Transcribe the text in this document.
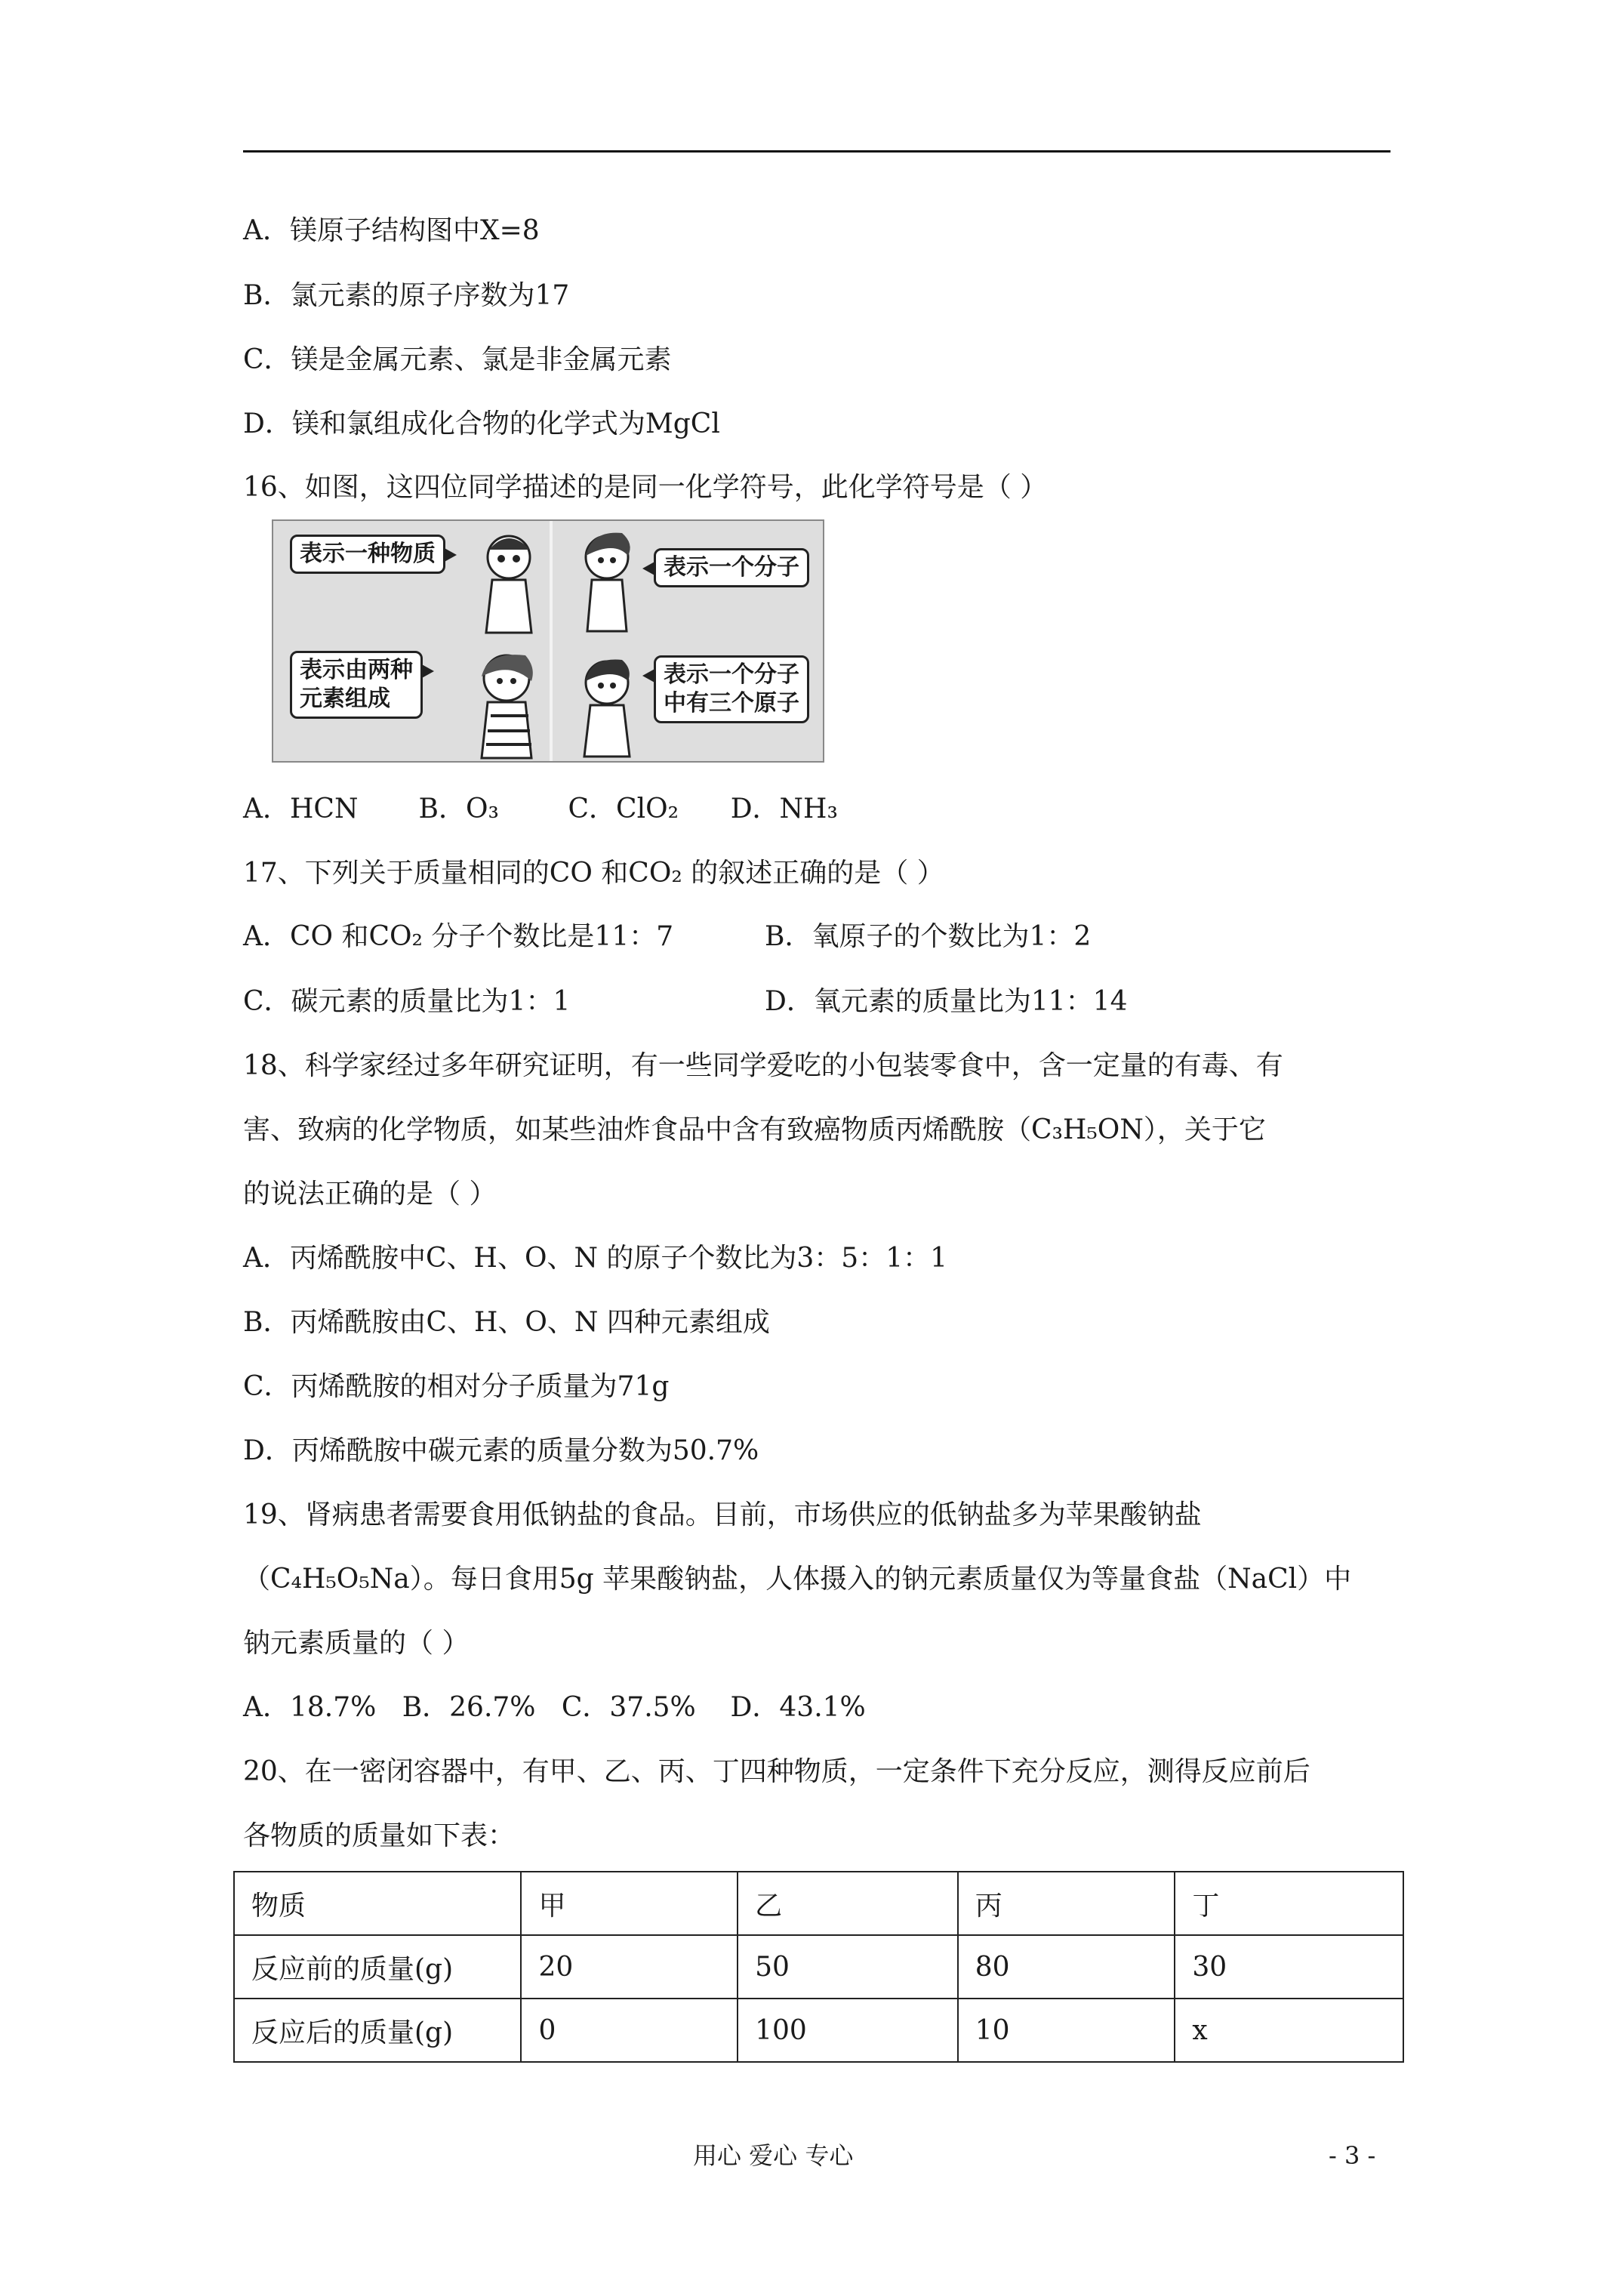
A．镁原子结构图中X=8
B．氯元素的原子序数为17
C．镁是金属元素、氯是非金属元素
D．镁和氯组成化合物的化学式为MgCl
16、如图，这四位同学描述的是同一化学符号，此化学符号是（ ）
表示一种物质
表示一个分子
表示由两种
元素组成
表示一个分子
中有三个原子
A．HCN       B．O₃        C．ClO₂      D．NH₃
17、下列关于质量相同的CO 和CO₂ 的叙述正确的是（ ）
A．CO 和CO₂ 分子个数比是11：7	B．氧原子的个数比为1：2
C．碳元素的质量比为1：1	D．氧元素的质量比为11：14
18、科学家经过多年研究证明，有一些同学爱吃的小包装零食中，含一定量的有毒、有
害、致病的化学物质，如某些油炸食品中含有致癌物质丙烯酰胺（C₃H₅ON），关于它
的说法正确的是（ ）
A．丙烯酰胺中C、H、O、N 的原子个数比为3：5：1：1
B．丙烯酰胺由C、H、O、N 四种元素组成
C．丙烯酰胺的相对分子质量为71g
D．丙烯酰胺中碳元素的质量分数为50.7%
19、肾病患者需要食用低钠盐的食品。目前，市场供应的低钠盐多为苹果酸钠盐
（C₄H₅O₅Na）。每日食用5g 苹果酸钠盐，人体摄入的钠元素质量仅为等量食盐（NaCl）中
钠元素质量的（ ）
A．18.7%   B．26.7%   C．37.5%    D．43.1%
20、在一密闭容器中，有甲、乙、丙、丁四种物质，一定条件下充分反应，测得反应前后
各物质的质量如下表：
物质	甲	乙	丙	丁
反应前的质量(g)	20	50	80	30
反应后的质量(g)	0	100	10	x
用心 爱心 专心	- 3 -
